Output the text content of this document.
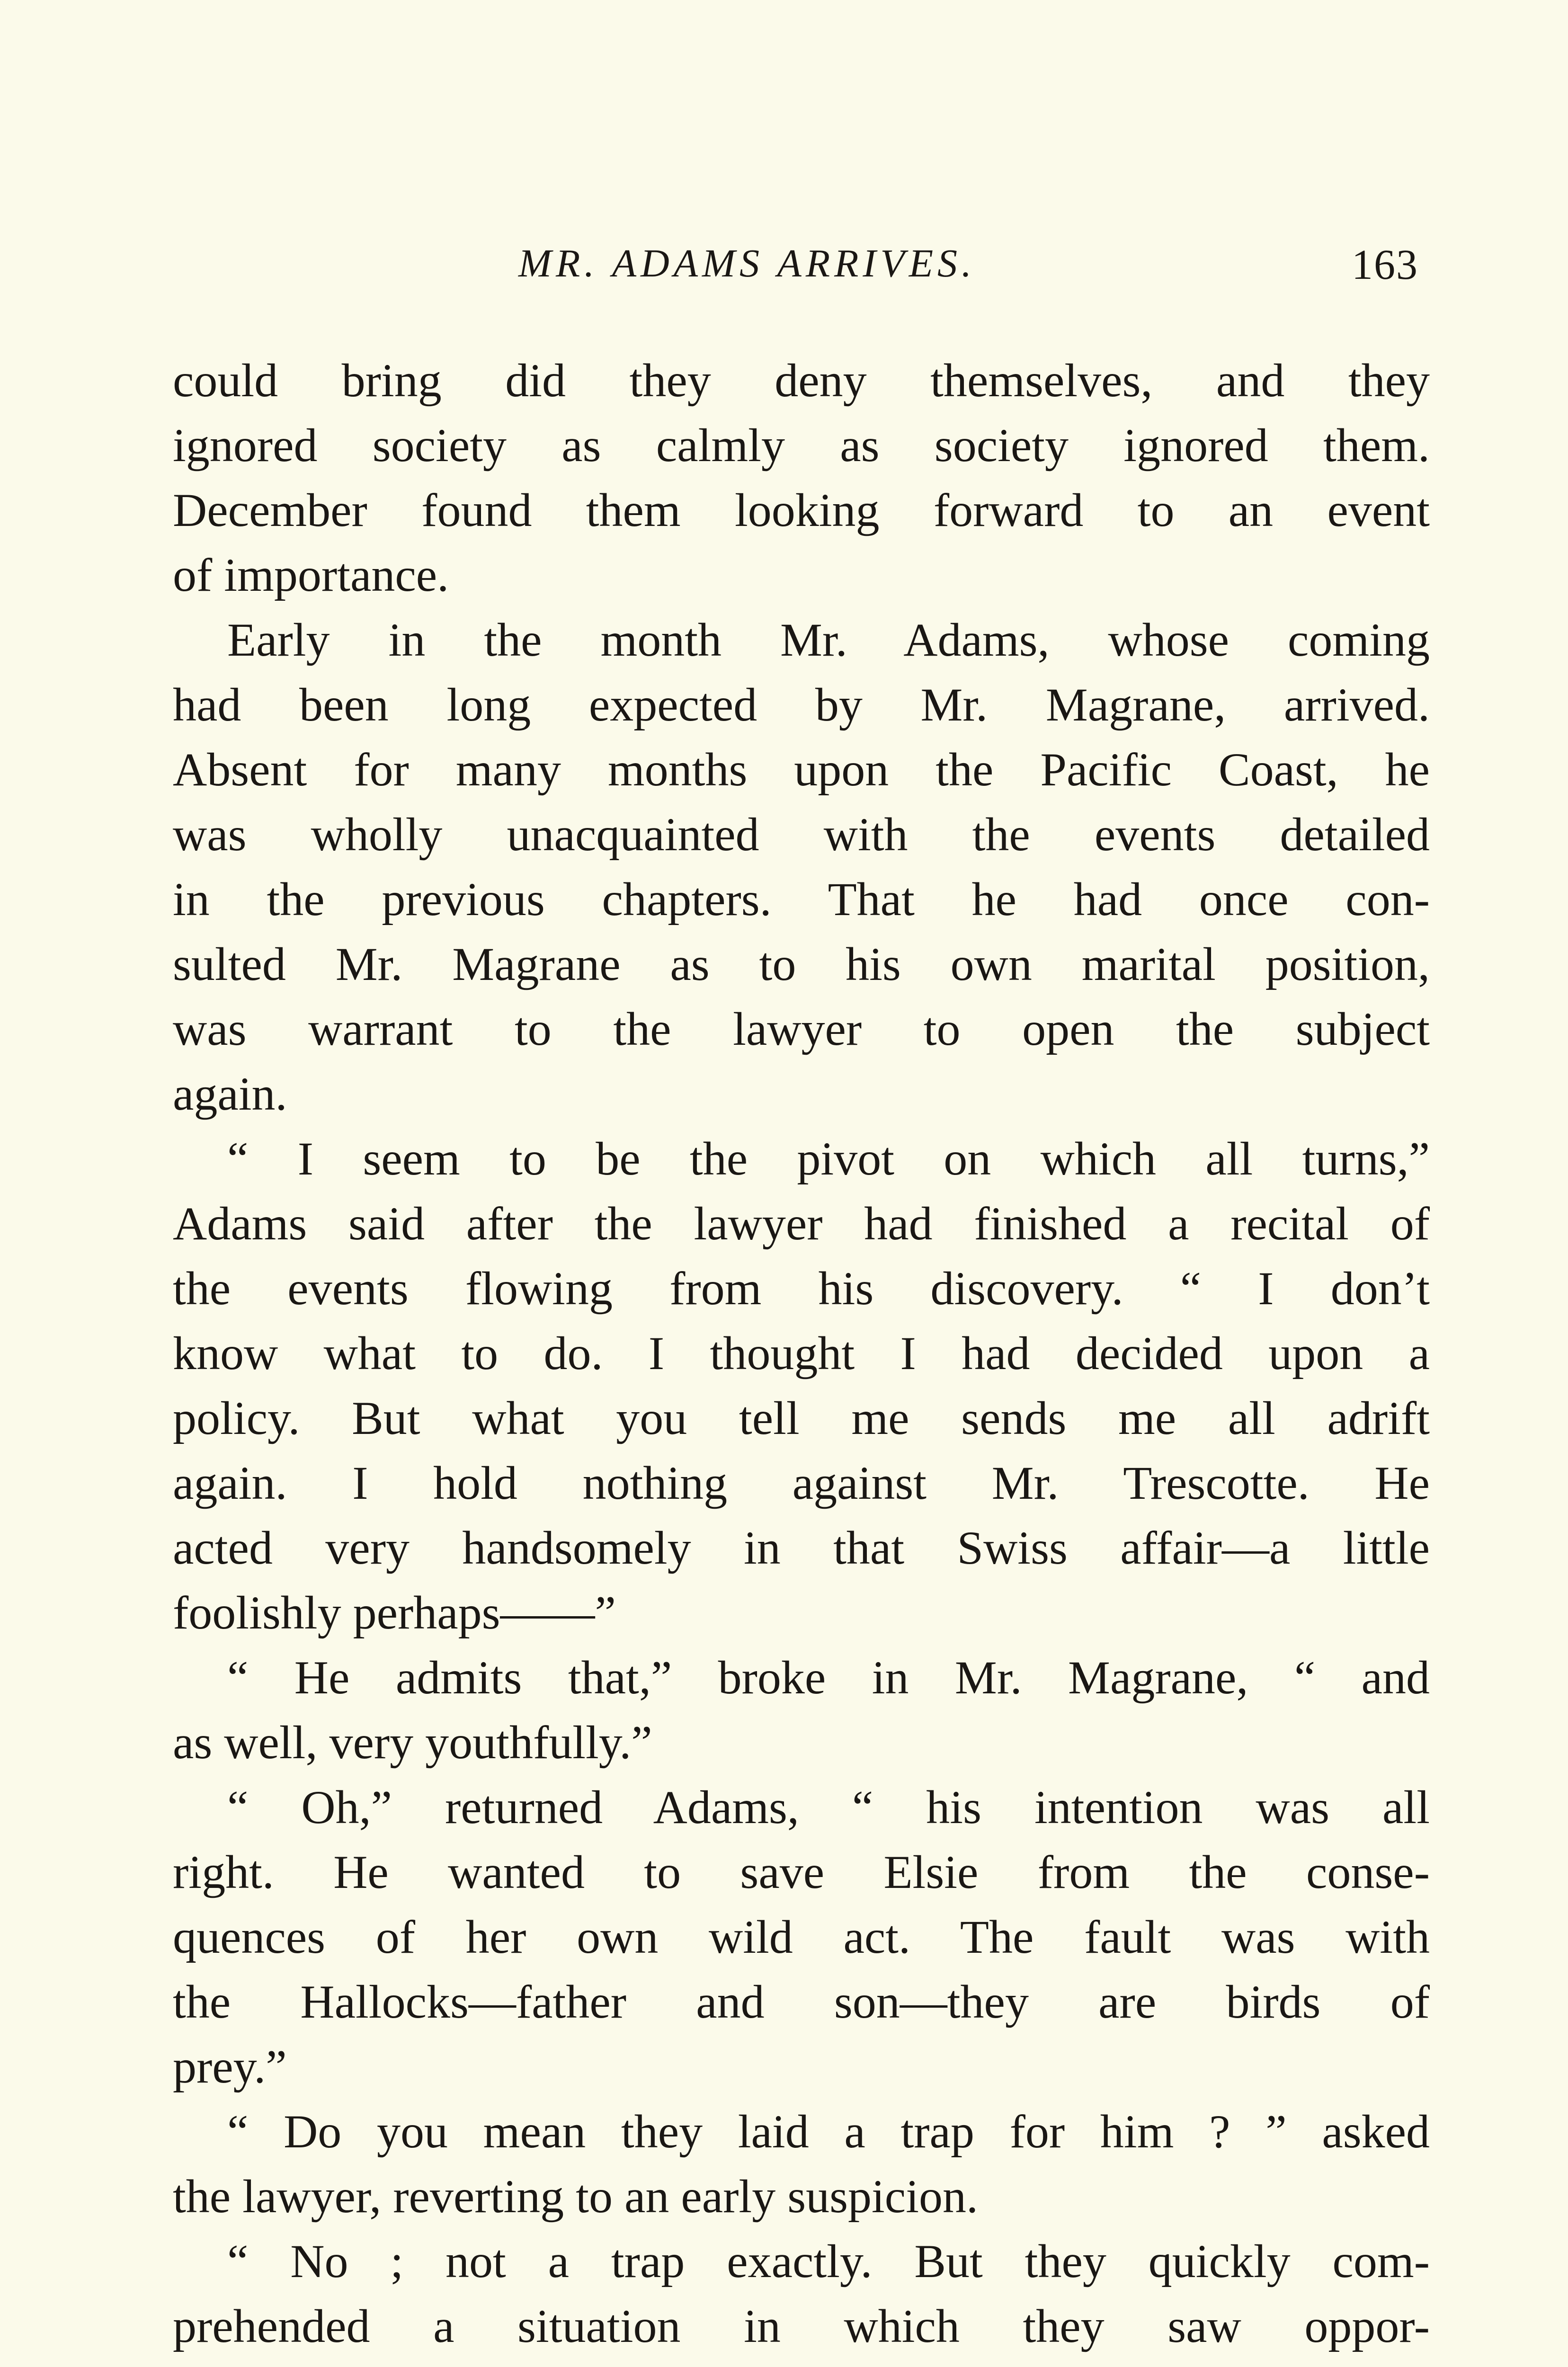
MR. ADAMS ARRIVES.	163
could bring did they deny themselves, and they
ignored society as calmly as society ignored them.
December found them looking forward to an event
of importance.
Early in the month Mr. Adams, whose coming
had been long expected by Mr. Magrane, arrived.
Absent for many months upon the Pacific Coast, he
was wholly unacquainted with the events detailed
in the previous chapters. That he had once con-
sulted Mr. Magrane as to his own marital position,
was warrant to the lawyer to open the subject
again.
“ I seem to be the pivot on which all turns,”
Adams said after the lawyer had finished a recital of
the events flowing from his discovery. “ I don’t
know what to do. I thought I had decided upon a
policy. But what you tell me sends me all adrift
again. I hold nothing against Mr. Trescotte. He
acted very handsomely in that Swiss affair—a little
foolishly perhaps——”
“ He admits that,” broke in Mr. Magrane, “ and
as well, very youthfully.”
“ Oh,” returned Adams, “ his intention was all
right. He wanted to save Elsie from the conse-
quences of her own wild act. The fault was with
the Hallocks—father and son—they are birds of
prey.”
“ Do you mean they laid a trap for him ? ” asked
the lawyer, reverting to an early suspicion.
“ No ; not a trap exactly. But they quickly com-
prehended a situation in which they saw oppor-
